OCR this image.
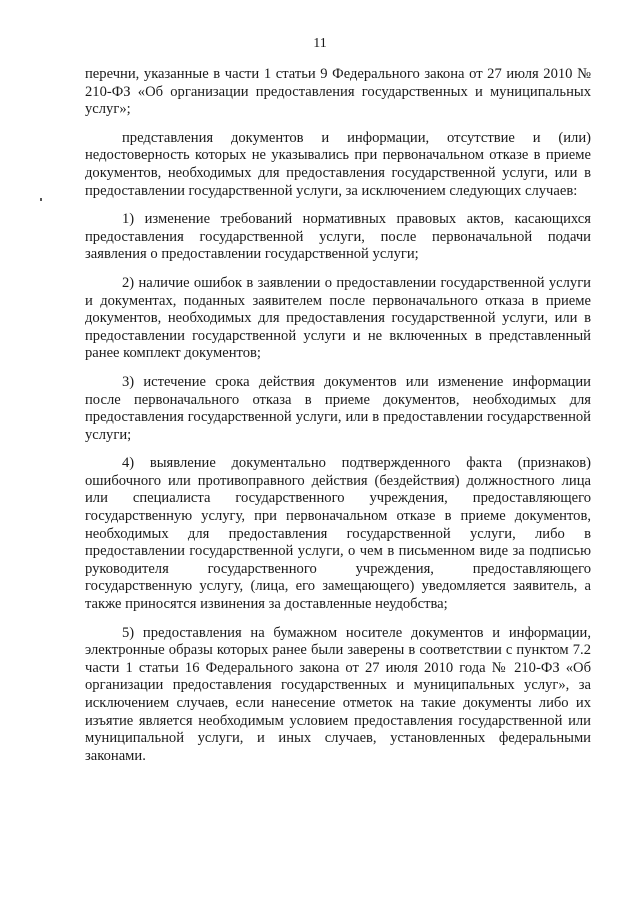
11

перечни, указанные в части 1 статьи 9 Федерального закона от 27 июля 2010 № 210-ФЗ «Об организации предоставления государственных и муниципальных услуг»;

представления документов и информации, отсутствие и (или) недостоверность которых не указывались при первоначальном отказе в приеме документов, необходимых для предоставления государственной услуги, или в предоставлении государственной услуги, за исключением следующих случаев:

1) изменение требований нормативных правовых актов, касающихся предоставления государственной услуги, после первоначальной подачи заявления о предоставлении государственной услуги;

2) наличие ошибок в заявлении о предоставлении государственной услуги и документах, поданных заявителем после первоначального отказа в приеме документов, необходимых для предоставления государственной услуги, или в предоставлении государственной услуги и не включенных в представленный ранее комплект документов;

3) истечение срока действия документов или изменение информации после первоначального отказа в приеме документов, необходимых для предоставления государственной услуги, или в предоставлении государственной услуги;

4) выявление документально подтвержденного факта (признаков) ошибочного или противоправного действия (бездействия) должностного лица или специалиста государственного учреждения, предоставляющего государственную услугу, при первоначальном отказе в приеме документов, необходимых для предоставления государственной услуги, либо в предоставлении государственной услуги, о чем в письменном виде за подписью руководителя государственного учреждения, предоставляющего государственную услугу, (лица, его замещающего) уведомляется заявитель, а также приносятся извинения за доставленные неудобства;

5) предоставления на бумажном носителе документов и информации, электронные образы которых ранее были заверены в соответствии с пунктом 7.2 части 1 статьи 16 Федерального закона от 27 июля 2010 года № 210-ФЗ «Об организации предоставления государственных и муниципальных услуг», за исключением случаев, если нанесение отметок на такие документы либо их изъятие является необходимым условием предоставления государственной или муниципальной услуги, и иных случаев, установленных федеральными законами.
